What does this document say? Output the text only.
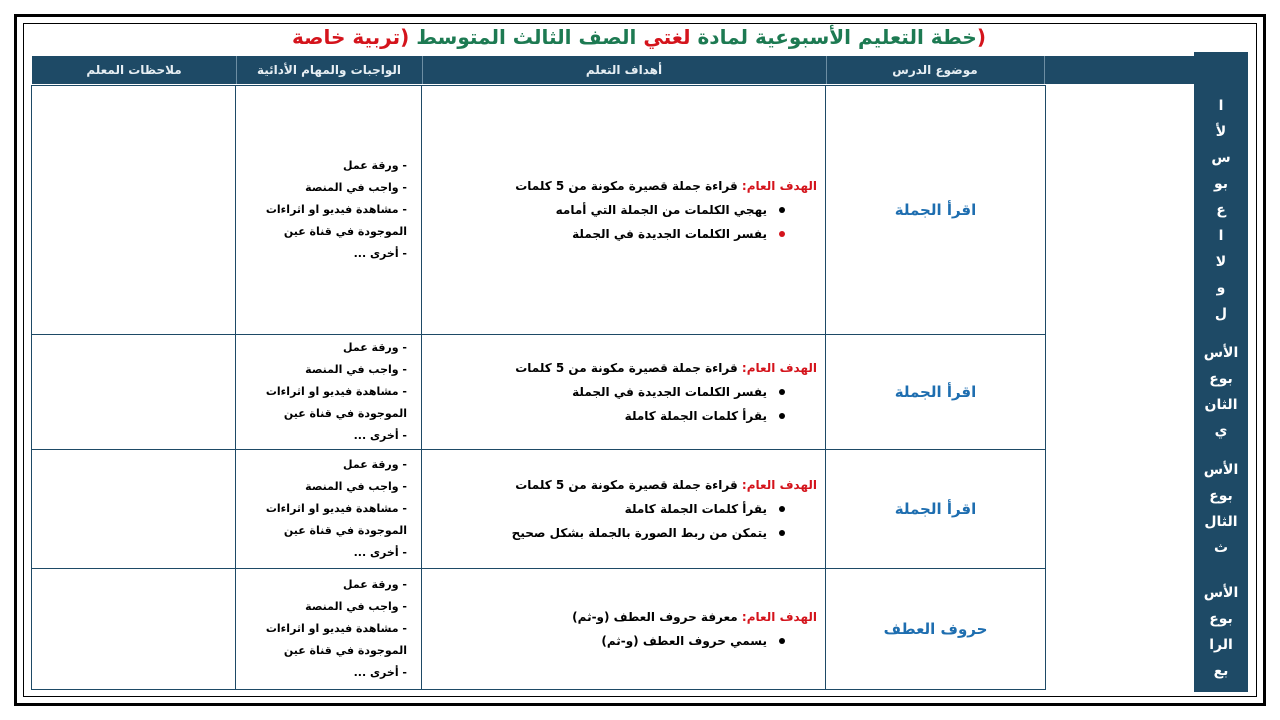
(خطة التعليم الأسبوعية لمادة لغتي الصف الثالث المتوسط (تربية خاصة
موضوع الدرس
أهداف التعلم
الواجبات والمهام الأدائية
ملاحظات المعلم
ا
لأ
س
بو
ع
ا
لا
و
ل
اقرأ الجملة
الهدف العام: قراءة جملة قصيرة مكونة من 5 كلمات
يهجي الكلمات من الجملة التي أمامه
يفسر الكلمات الجديدة في الجملة
- ورقة عمل
- واجب في المنصة
- مشاهدة فيديو او اثراءات
الموجودة في قناة عين
- أخرى ...
الأس
بوع
الثان
ي
اقرأ الجملة
الهدف العام: قراءة جملة قصيرة مكونة من 5 كلمات
يفسر الكلمات الجديدة في الجملة
يقرأ كلمات الجملة كاملة
- ورقة عمل
- واجب في المنصة
- مشاهدة فيديو او اثراءات
الموجودة في قناة عين
- أخرى ...
الأس
بوع
الثال
ث
اقرأ الجملة
الهدف العام: قراءة جملة قصيرة مكونة من 5 كلمات
يقرأ كلمات الجملة كاملة
يتمكن من ربط الصورة بالجملة بشكل صحيح
- ورقة عمل
- واجب في المنصة
- مشاهدة فيديو او اثراءات
الموجودة في قناة عين
- أخرى ...
الأس
بوع
الرا
بع
حروف العطف
الهدف العام: معرفة حروف العطف (و-ثم)
يسمي حروف العطف (و-ثم)
- ورقة عمل
- واجب في المنصة
- مشاهدة فيديو او اثراءات
الموجودة في قناة عين
- أخرى ...
